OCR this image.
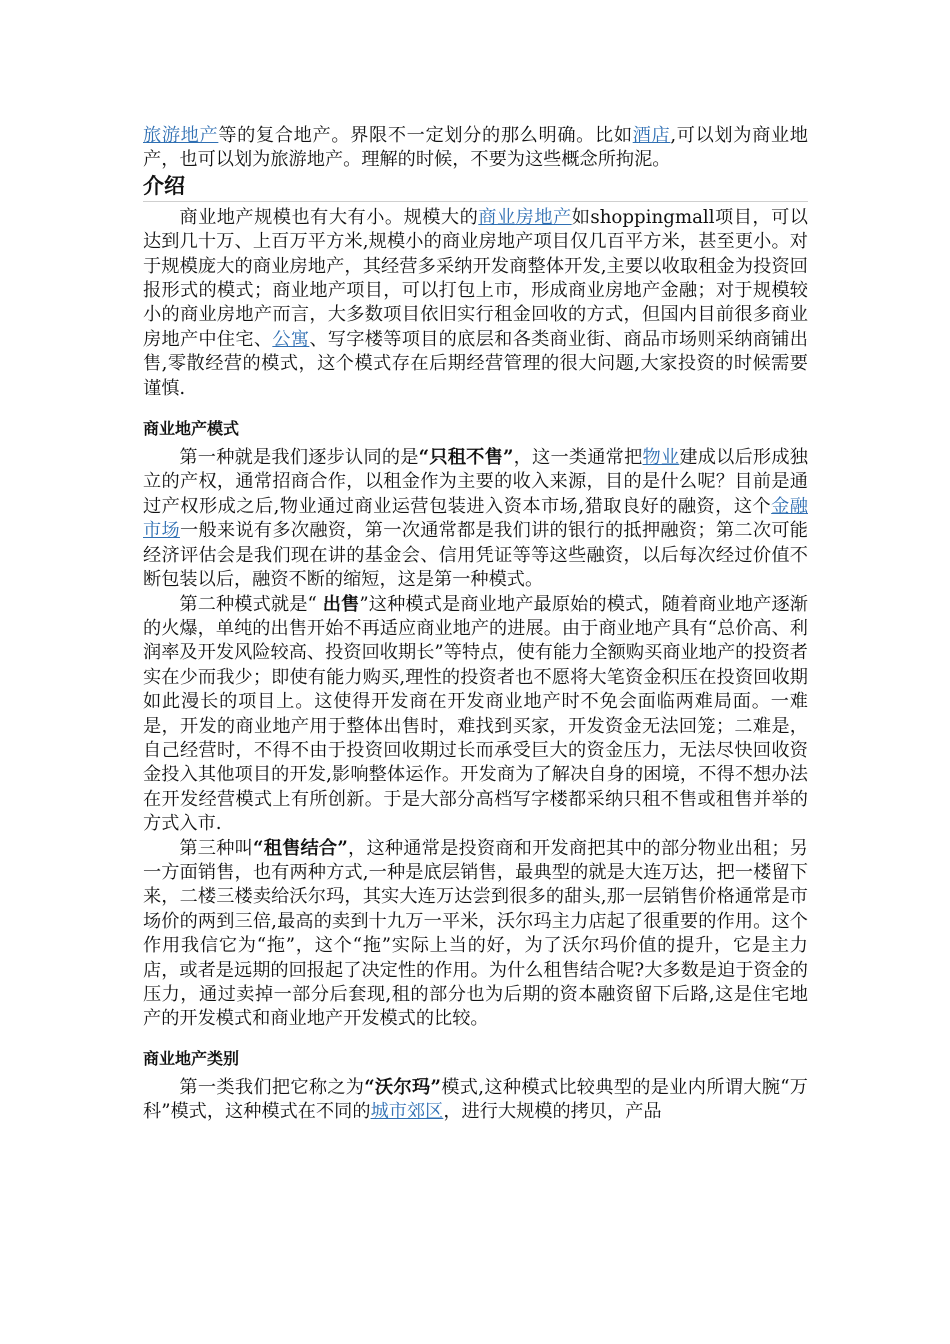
旅游地产等的复合地产。界限不一定划分的那么明确。比如酒店,可以划为商业地产，也可以划为旅游地产。理解的时候，不要为这些概念所拘泥。

介绍

商业地产规模也有大有小。规模大的商业房地产如shoppingmall项目，可以达到几十万、上百万平方米,规模小的商业房地产项目仅几百平方米，甚至更小。对于规模庞大的商业房地产，其经营多采纳开发商整体开发,主要以收取租金为投资回报形式的模式；商业地产项目，可以打包上市，形成商业房地产金融；对于规模较小的商业房地产而言，大多数项目依旧实行租金回收的方式，但国内目前很多商业房地产中住宅、公寓、写字楼等项目的底层和各类商业街、商品市场则采纳商铺出售,零散经营的模式，这个模式存在后期经营管理的很大问题,大家投资的时候需要谨慎.

商业地产模式

第一种就是我们逐步认同的是“只租不售”，这一类通常把物业建成以后形成独立的产权，通常招商合作，以租金作为主要的收入来源，目的是什么呢？目前是通过产权形成之后,物业通过商业运营包装进入资本市场,猎取良好的融资，这个金融市场一般来说有多次融资，第一次通常都是我们讲的银行的抵押融资；第二次可能经济评估会是我们现在讲的基金会、信用凭证等等这些融资，以后每次经过价值不断包装以后，融资不断的缩短，这是第一种模式。

第二种模式就是“ 出售”这种模式是商业地产最原始的模式，随着商业地产逐渐的火爆，单纯的出售开始不再适应商业地产的进展。由于商业地产具有“总价高、利润率及开发风险较高、投资回收期长”等特点，使有能力全额购买商业地产的投资者实在少而我少；即使有能力购买,理性的投资者也不愿将大笔资金积压在投资回收期如此漫长的项目上。这使得开发商在开发商业地产时不免会面临两难局面。一难是，开发的商业地产用于整体出售时，难找到买家，开发资金无法回笼；二难是，自己经营时，不得不由于投资回收期过长而承受巨大的资金压力，无法尽快回收资金投入其他项目的开发,影响整体运作。开发商为了解决自身的困境，不得不想办法在开发经营模式上有所创新。于是大部分高档写字楼都采纳只租不售或租售并举的方式入市.

第三种叫“租售结合”，这种通常是投资商和开发商把其中的部分物业出租；另一方面销售，也有两种方式,一种是底层销售，最典型的就是大连万达，把一楼留下来，二楼三楼卖给沃尔玛，其实大连万达尝到很多的甜头,那一层销售价格通常是市场价的两到三倍,最高的卖到十九万一平米，沃尔玛主力店起了很重要的作用。这个作用我信它为“拖”，这个“拖”实际上当的好，为了沃尔玛价值的提升，它是主力店，或者是远期的回报起了决定性的作用。为什么租售结合呢?大多数是迫于资金的压力，通过卖掉一部分后套现,租的部分也为后期的资本融资留下后路,这是住宅地产的开发模式和商业地产开发模式的比较。

商业地产类别

第一类我们把它称之为“沃尔玛”模式,这种模式比较典型的是业内所谓大腕“万科”模式，这种模式在不同的城市郊区，进行大规模的拷贝，产品
